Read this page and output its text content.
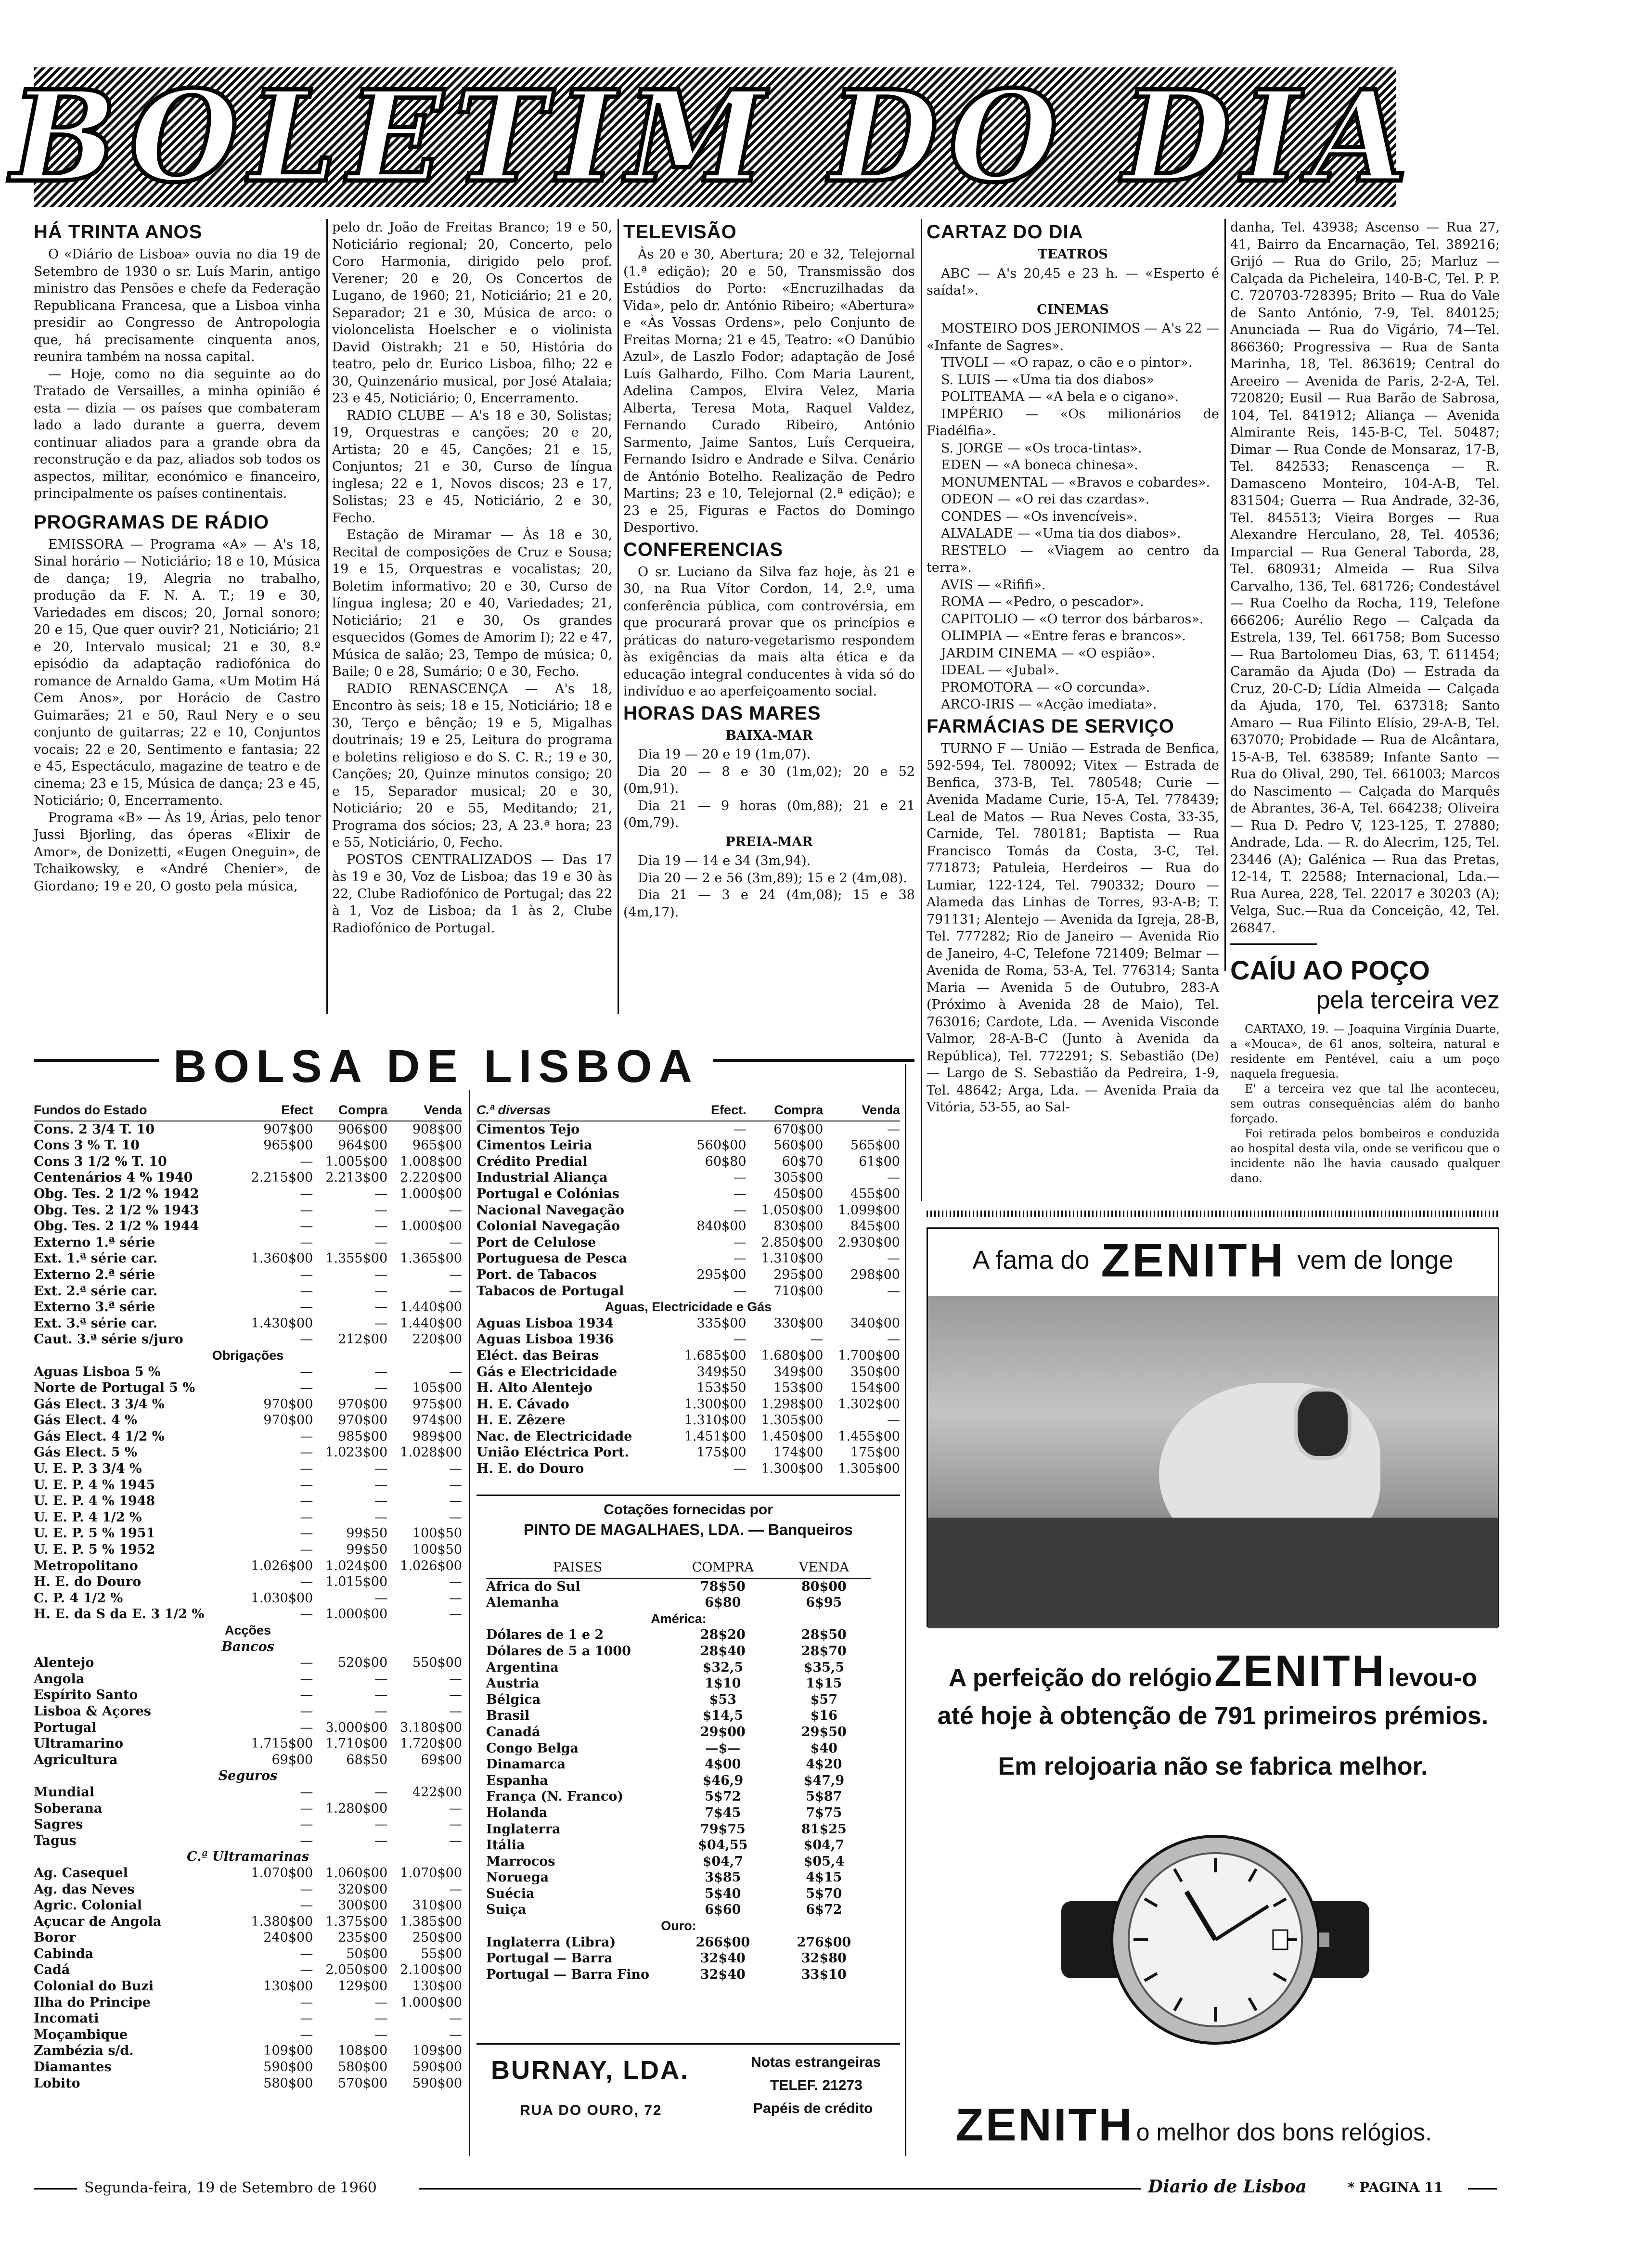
BOLETIM DO DIA
HÁ TRINTA ANOS

O «Diário de Lisboa» ouvia no dia 19 de Setembro de 1930 o sr. Luís Marin, antigo ministro das Pensões e chefe da Federação Republicana Francesa, que a Lisboa vinha presidir ao Congresso de Antropologia que, há precisamente cinquenta anos, reunira também na nossa capital.

— Hoje, como no dia seguinte ao do Tratado de Versailles, a minha opinião é esta — dizia — os países que combateram lado a lado durante a guerra, devem continuar aliados para a grande obra da reconstrução e da paz, aliados sob todos os aspectos, militar, económico e financeiro, principalmente os países continentais.

PROGRAMAS DE RÁDIO

EMISSORA — Programa «A» — A's 18, Sinal horário — Noticiário; 18 e 10, Música de dança; 19, Alegria no trabalho, produção da F. N. A. T.; 19 e 30, Variedades em discos; 20, Jornal sonoro; 20 e 15, Que quer ouvir? 21, Noticiário; 21 e 20, Intervalo musical; 21 e 30, 8.º episódio da adaptação radiofónica do romance de Arnaldo Gama, «Um Motim Há Cem Anos», por Horácio de Castro Guimarães; 21 e 50, Raul Nery e o seu conjunto de guitarras; 22 e 10, Conjuntos vocais; 22 e 20, Sentimento e fantasia; 22 e 45, Espectáculo, magazine de teatro e de cinema; 23 e 15, Música de dança; 23 e 45, Noticiário; 0, Encerramento.

Programa «B» — Às 19, Árias, pelo tenor Jussi Bjorling, das óperas «Elixir de Amor», de Donizetti, «Eugen Oneguin», de Tchaikowsky, e «André Chenier», de Giordano; 19 e 20, O gosto pela música,

pelo dr. João de Freitas Branco; 19 e 50, Noticiário regional; 20, Concerto, pelo Coro Harmonia, dirigido pelo prof. Verener; 20 e 20, Os Concertos de Lugano, de 1960; 21, Noticiário; 21 e 20, Separador; 21 e 30, Música de arco: o violoncelista Hoelscher e o violinista David Oistrakh; 21 e 50, História do teatro, pelo dr. Eurico Lisboa, filho; 22 e 30, Quinzenário musical, por José Atalaia; 23 e 45, Noticiário; 0, Encerramento.

RADIO CLUBE — A's 18 e 30, Solistas; 19, Orquestras e canções; 20 e 20, Artista; 20 e 45, Canções; 21 e 15, Conjuntos; 21 e 30, Curso de língua inglesa; 22 e 1, Novos discos; 23 e 17, Solistas; 23 e 45, Noticiário, 2 e 30, Fecho.

Estação de Miramar — Às 18 e 30, Recital de composições de Cruz e Sousa; 19 e 15, Orquestras e vocalistas; 20, Boletim informativo; 20 e 30, Curso de língua inglesa; 20 e 40, Variedades; 21, Noticiário; 21 e 30, Os grandes esquecidos (Gomes de Amorim I); 22 e 47, Música de salão; 23, Tempo de música; 0, Baile; 0 e 28, Sumário; 0 e 30, Fecho.

RADIO RENASCENÇA — A's 18, Encontro às seis; 18 e 15, Noticiário; 18 e 30, Terço e bênção; 19 e 5, Migalhas doutrinais; 19 e 25, Leitura do programa e boletins religioso e do S. C. R.; 19 e 30, Canções; 20, Quinze minutos consigo; 20 e 15, Separador musical; 20 e 30, Noticiário; 20 e 55, Meditando; 21, Programa dos sócios; 23, A 23.ª hora; 23 e 55, Noticiário, 0, Fecho.

POSTOS CENTRALIZADOS — Das 17 às 19 e 30, Voz de Lisboa; das 19 e 30 às 22, Clube Radiofónico de Portugal; das 22 à 1, Voz de Lisboa; da 1 às 2, Clube Radiofónico de Portugal.

TELEVISÃO

Às 20 e 30, Abertura; 20 e 32, Telejornal (1.ª edição); 20 e 50, Transmissão dos Estúdios do Porto: «Encruzilhadas da Vida», pelo dr. António Ribeiro; «Abertura» e «Às Vossas Ordens», pelo Conjunto de Freitas Morna; 21 e 45, Teatro: «O Danúbio Azul», de Laszlo Fodor; adaptação de José Luís Galhardo, Filho. Com Maria Laurent, Adelina Campos, Elvira Velez, Maria Alberta, Teresa Mota, Raquel Valdez, Fernando Curado Ribeiro, António Sarmento, Jaime Santos, Luís Cerqueira, Fernando Isidro e Andrade e Silva. Cenário de António Botelho. Realização de Pedro Martins; 23 e 10, Telejornal (2.ª edição); e 23 e 25, Figuras e Factos do Domingo Desportivo.

CONFERENCIAS

O sr. Luciano da Silva faz hoje, às 21 e 30, na Rua Vítor Cordon, 14, 2.º, uma conferência pública, com controvérsia, em que procurará provar que os princípios e práticas do naturo-vegetarismo respondem às exigências da mais alta ética e da educação integral conducentes à vida só do indivíduo e ao aperfeiçoamento social.

HORAS DAS MARES
BAIXA-MAR

Dia 19 — 20 e 19 (1m,07).

Dia 20 — 8 e 30 (1m,02); 20 e 52 (0m,91).

Dia 21 — 9 horas (0m,88); 21 e 21 (0m,79).

PREIA-MAR

Dia 19 — 14 e 34 (3m,94).

Dia 20 — 2 e 56 (3m,89); 15 e 2 (4m,08).

Dia 21 — 3 e 24 (4m,08); 15 e 38 (4m,17).

CARTAZ DO DIA
TEATROS

ABC — A's 20,45 e 23 h. — «Esperto é saída!».

CINEMAS

MOSTEIRO DOS JERONIMOS — A's 22 — «Infante de Sagres».

TIVOLI — «O rapaz, o cão e o pintor».

S. LUIS — «Uma tia dos diabos»

POLITEAMA — «A bela e o cigano».

IMPÉRIO — «Os milionários de Fiadélfia».

S. JORGE — «Os troca-tintas».

EDEN — «A boneca chinesa».

MONUMENTAL — «Bravos e cobardes».

ODEON — «O rei das czardas».

CONDES — «Os invencíveis».

ALVALADE — «Uma tia dos diabos».

RESTELO — «Viagem ao centro da terra».

AVIS — «Rififi».

ROMA — «Pedro, o pescador».

CAPITOLIO — «O terror dos bárbaros».

OLIMPIA — «Entre feras e brancos».

JARDIM CINEMA — «O espião».

IDEAL — «Jubal».

PROMOTORA — «O corcunda».

ARCO-IRIS — «Acção imediata».

FARMÁCIAS DE SERVIÇO

TURNO F — União — Estrada de Benfica, 592-594, Tel. 780092; Vitex — Estrada de Benfica, 373-B, Tel. 780548; Curie — Avenida Madame Curie, 15-A, Tel. 778439; Leal de Matos — Rua Neves Costa, 33-35, Carnide, Tel. 780181; Baptista — Rua Francisco Tomás da Costa, 3-C, Tel. 771873; Patuleia, Herdeiros — Rua do Lumiar, 122-124, Tel. 790332; Douro — Alameda das Linhas de Torres, 93-A-B; T. 791131; Alentejo — Avenida da Igreja, 28-B, Tel. 777282; Rio de Janeiro — Avenida Rio de Janeiro, 4-C, Telefone 721409; Belmar — Avenida de Roma, 53-A, Tel. 776314; Santa Maria — Avenida 5 de Outubro, 283-A (Próximo à Avenida 28 de Maio), Tel. 763016; Cardote, Lda. — Avenida Visconde Valmor, 28-A-B-C (Junto à Avenida da República), Tel. 772291; S. Sebastião (De) — Largo de S. Sebastião da Pedreira, 1-9, Tel. 48642; Arga, Lda. — Avenida Praia da Vitória, 53-55, ao Sal-

danha, Tel. 43938; Ascenso — Rua 27, 41, Bairro da Encarnação, Tel. 389216; Grijó — Rua do Grilo, 25; Marluz — Calçada da Picheleira, 140-B-C, Tel. P. P. C. 720703-728395; Brito — Rua do Vale de Santo António, 7-9, Tel. 840125; Anunciada — Rua do Vigário, 74—Tel. 866360; Progressiva — Rua de Santa Marinha, 18, Tel. 863619; Central do Areeiro — Avenida de Paris, 2-2-A, Tel. 720820; Eusil — Rua Barão de Sabrosa, 104, Tel. 841912; Aliança — Avenida Almirante Reis, 145-B-C, Tel. 50487; Dimar — Rua Conde de Monsaraz, 17-B, Tel. 842533; Renascença — R. Damasceno Monteiro, 104-A-B, Tel. 831504; Guerra — Rua Andrade, 32-36, Tel. 845513; Vieira Borges — Rua Alexandre Herculano, 28, Tel. 40536; Imparcial — Rua General Taborda, 28, Tel. 680931; Almeida — Rua Silva Carvalho, 136, Tel. 681726; Condestável — Rua Coelho da Rocha, 119, Telefone 666206; Aurélio Rego — Calçada da Estrela, 139, Tel. 661758; Bom Sucesso — Rua Bartolomeu Dias, 63, T. 611454; Caramão da Ajuda (Do) — Estrada da Cruz, 20-C-D; Lídia Almeida — Calçada da Ajuda, 170, Tel. 637318; Santo Amaro — Rua Filinto Elísio, 29-A-B, Tel. 637070; Probidade — Rua de Alcântara, 15-A-B, Tel. 638589; Infante Santo — Rua do Olival, 290, Tel. 661003; Marcos do Nascimento — Calçada do Marquês de Abrantes, 36-A, Tel. 664238; Oliveira — Rua D. Pedro V, 123-125, T. 27880; Andrade, Lda. — R. do Alecrim, 125, Tel. 23446 (A); Galénica — Rua das Pretas, 12-14, T. 22588; Internacional, Lda.—Rua Aurea, 228, Tel. 22017 e 30203 (A); Velga, Suc.—Rua da Conceição, 42, Tel. 26847.

CAÍU AO POÇO
pela terceira vez

CARTAXO, 19. — Joaquina Virgínia Duarte, a «Mouca», de 61 anos, solteira, natural e residente em Pentével, caiu a um poço naquela freguesia.

E' a terceira vez que tal lhe aconteceu, sem outras consequências além do banho forçado.

Foi retirada pelos bombeiros e conduzida ao hospital desta vila, onde se verificou que o incidente não lhe havia causado qualquer dano.

BOLSA DE LISBOA
Fundos do Estado	Efect	Compra	Venda
Cons. 2 3/4 T. 10	907$00	906$00	908$00
Cons 3 % T. 10	965$00	964$00	965$00
Cons 3 1/2 % T. 10	—	1.005$00	1.008$00
Centenários 4 % 1940	2.215$00	2.213$00	2.220$00
Obg. Tes. 2 1/2 % 1942	—	—	1.000$00
Obg. Tes. 2 1/2 % 1943	—	—	—
Obg. Tes. 2 1/2 % 1944	—	—	1.000$00
Externo 1.ª série	—	—	—
Ext. 1.ª série car.	1.360$00	1.355$00	1.365$00
Externo 2.ª série	—	—	—
Ext. 2.ª série car.	—	—	—
Externo 3.ª série	—	—	1.440$00
Ext. 3.ª série car.	1.430$00	—	1.440$00
Caut. 3.ª série s/juro	—	212$00	220$00
Obrigações			
Aguas Lisboa 5 %	—	—	—
Norte de Portugal 5 %	—	—	105$00
Gás Elect. 3 3/4 %	970$00	970$00	975$00
Gás Elect. 4 %	970$00	970$00	974$00
Gás Elect. 4 1/2 %	—	985$00	989$00
Gás Elect. 5 %	—	1.023$00	1.028$00
U. E. P. 3 3/4 %	—	—	—
U. E. P. 4 % 1945	—	—	—
U. E. P. 4 % 1948	—	—	—
U. E. P. 4 1/2 %	—	—	—
U. E. P. 5 % 1951	—	99$50	100$50
U. E. P. 5 % 1952	—	99$50	100$50
Metropolitano	1.026$00	1.024$00	1.026$00
H. E. do Douro	—	1.015$00	—
C. P. 4 1/2 %	1.030$00	—	—
H. E. da S da E. 3 1/2 %	—	1.000$00	—
Acções			
Bancos			
Alentejo	—	520$00	550$00
Angola	—	—	—
Espírito Santo	—	—	—
Lisboa & Açores	—	—	—
Portugal	—	3.000$00	3.180$00
Ultramarino	1.715$00	1.710$00	1.720$00
Agricultura	69$00	68$50	69$00
Seguros			
Mundial	—	—	422$00
Soberana	—	1.280$00	—
Sagres	—	—	—
Tagus	—	—	—
C.ª Ultramarinas			
Ag. Casequel	1.070$00	1.060$00	1.070$00
Ag. das Neves	—	320$00	—
Agric. Colonial	—	300$00	310$00
Açucar de Angola	1.380$00	1.375$00	1.385$00
Boror	240$00	235$00	250$00
Cabinda	—	50$00	55$00
Cadá	—	2.050$00	2.100$00
Colonial do Buzi	130$00	129$00	130$00
Ilha do Principe	—	—	1.000$00
Incomati	—	—	—
Moçambique	—	—	—
Zambézia s/d.	109$00	108$00	109$00
Diamantes	590$00	580$00	590$00
Lobito	580$00	570$00	590$00
C.ª diversas	Efect.	Compra	Venda
Cimentos Tejo	—	670$00	—
Cimentos Leiria	560$00	560$00	565$00
Crédito Predial	60$80	60$70	61$00
Industrial Aliança	—	305$00	—
Portugal e Colónias	—	450$00	455$00
Nacional Navegação	—	1.050$00	1.099$00
Colonial Navegação	840$00	830$00	845$00
Port de Celulose	—	2.850$00	2.930$00
Portuguesa de Pesca	—	1.310$00	—
Port. de Tabacos	295$00	295$00	298$00
Tabacos de Portugal	—	710$00	—
Aguas, Electricidade e Gás			
Aguas Lisboa 1934	335$00	330$00	340$00
Aguas Lisboa 1936	—	—	—
Eléct. das Beiras	1.685$00	1.680$00	1.700$00
Gás e Electricidade	349$50	349$00	350$00
H. Alto Alentejo	153$50	153$00	154$00
H. E. Cávado	1.300$00	1.298$00	1.302$00
H. E. Zêzere	1.310$00	1.305$00	—
Nac. de Electricidade	1.451$00	1.450$00	1.455$00
União Eléctrica Port.	175$00	174$00	175$00
H. E. do Douro	—	1.300$00	1.305$00
Cotações fornecidas por
PINTO DE MAGALHAES, LDA. — Banqueiros
PAISES	COMPRA	VENDA
Africa do Sul	78$50	80$00
Alemanha	6$80	6$95
América:		
Dólares de 1 e 2	28$20	28$50
Dólares de 5 a 1000	28$40	28$70
Argentina	$32,5	$35,5
Austria	1$10	1$15
Bélgica	$53	$57
Brasil	$14,5	$16
Canadá	29$00	29$50
Congo Belga	—$—	$40
Dinamarca	4$00	4$20
Espanha	$46,9	$47,9
França (N. Franco)	5$72	5$87
Holanda	7$45	7$75
Inglaterra	79$75	81$25
Itália	$04,55	$04,7
Marrocos	$04,7	$05,4
Noruega	3$85	4$15
Suécia	5$40	5$70
Suiça	6$60	6$72
Ouro:		
Inglaterra (Libra)	266$00	276$00
Portugal — Barra	32$40	32$80
Portugal — Barra Fino	32$40	33$10
BURNAY, LDA.
RUA DO OURO, 72
Notas estrangeiras
TELEF. 21273
Papéis de crédito
A fama do ZENITH vem de longe
A perfeição do relógio ZENITH levou-o
até hoje à obtenção de 791 primeiros prémios.
Em relojoaria não se fabrica melhor.
ZENITH o melhor dos bons relógios.
Segunda-feira, 19 de Setembro de 1960	Diario de Lisboa	* PAGINA 11
